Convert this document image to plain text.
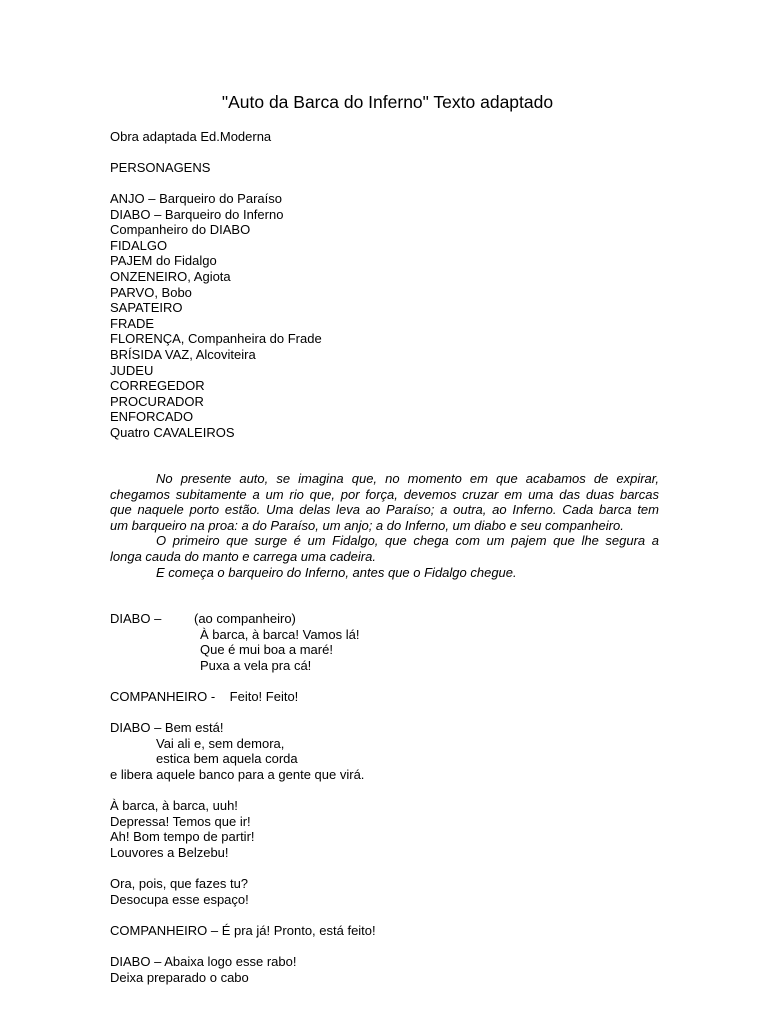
"Auto da Barca do Inferno" Texto adaptado

Obra adaptada Ed.Moderna

PERSONAGENS

ANJO – Barqueiro do Paraíso
DIABO – Barqueiro do Inferno
Companheiro do DIABO
FIDALGO
PAJEM do Fidalgo
ONZENEIRO, Agiota
PARVO, Bobo
SAPATEIRO
FRADE
FLORENÇA, Companheira do Frade
BRÍSIDA VAZ, Alcoviteira
JUDEU
CORREGEDOR
PROCURADOR
ENFORCADO
Quatro CAVALEIROS
No presente auto, se imagina que, no momento em que acabamos de expirar,
chegamos subitamente a um rio que, por força, devemos cruzar em uma das duas barcas
que naquele porto estão. Uma delas leva ao Paraíso; a outra, ao Inferno. Cada barca tem
um barqueiro na proa: a do Paraíso, um anjo; a do Inferno, um diabo e seu companheiro.
O primeiro que surge é um Fidalgo, que chega com um pajem que lhe segura a
longa cauda do manto e carrega uma cadeira.
E começa o barqueiro do Inferno, antes que o Fidalgo chegue.
DIABO –	(ao companheiro)
À barca, à barca! Vamos lá!
Que é mui boa a maré!
Puxa a vela pra cá!

COMPANHEIRO -    Feito! Feito!

DIABO – Bem está!
Vai ali e, sem demora,
estica bem aquela corda
e libera aquele banco para a gente que virá.
À barca, à barca, uuh!
Depressa! Temos que ir!
Ah! Bom tempo de partir!
Louvores a Belzebu!
Ora, pois, que fazes tu?
Desocupa esse espaço!

COMPANHEIRO – É pra já! Pronto, está feito!

DIABO – Abaixa logo esse rabo!
Deixa preparado o cabo
